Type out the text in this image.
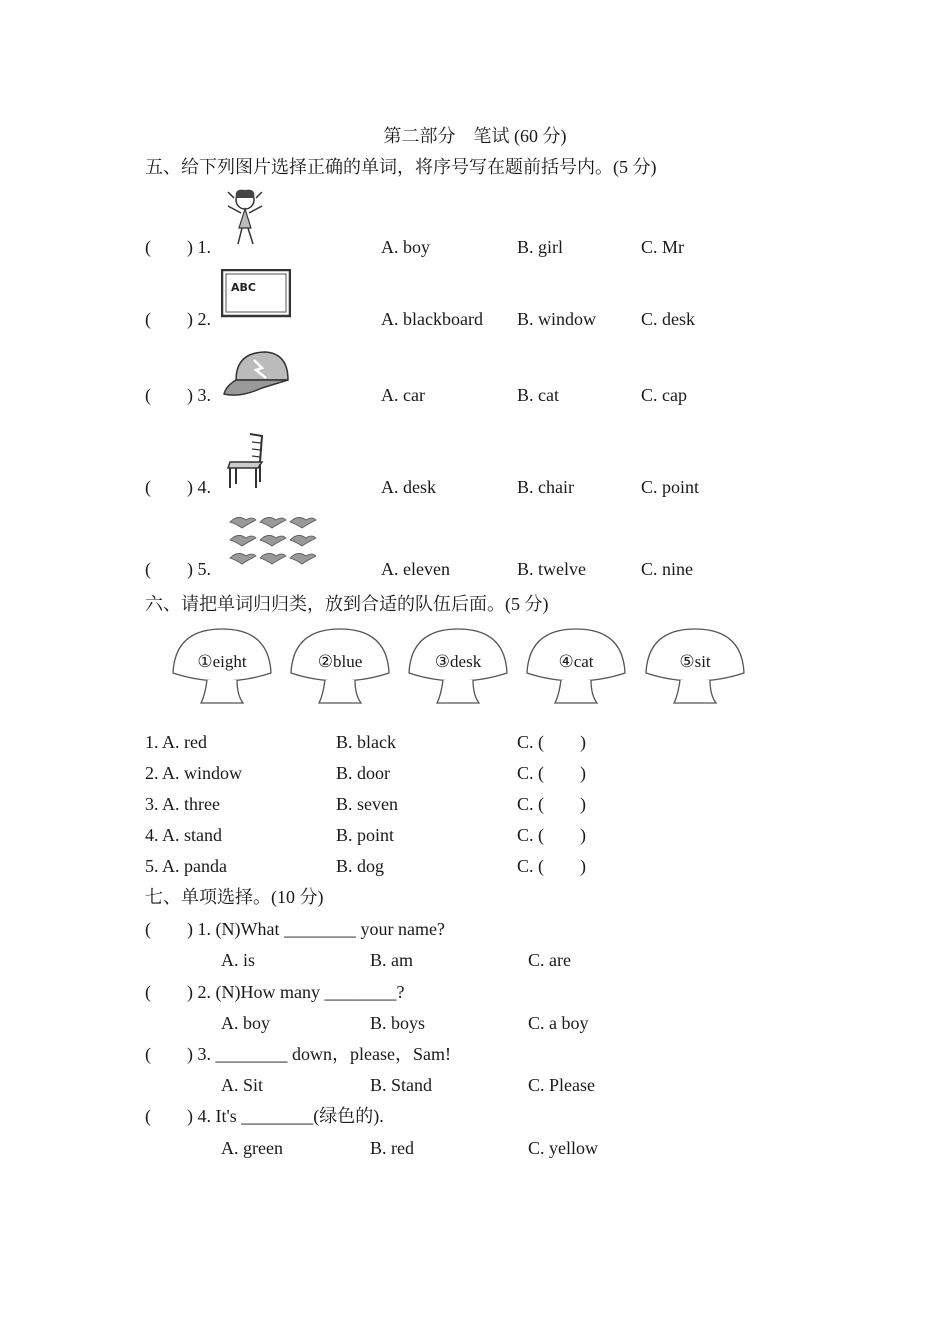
第二部分　笔试 (60 分)
五、给下列图片选择正确的单词，将序号写在题前括号内。(5 分)
(　　) 1.	A. boy	B. girl	C. Mr
ABC
(　　) 2.	A. blackboard B. window C. desk
(　　) 3.	A. car	B. cat	C. cap
(　　) 4.	A. desk	B. chair	C. point
(　　) 5.	A. eleven	B. twelve	C. nine
六、请把单词归归类，放到合适的队伍后面。(5 分)
①eight	②blue	③desk	④cat	⑤sit
1. A. red	B. black	C. (　　)
2. A. window	B. door	C. (　　)
3. A. three	B. seven	C. (　　)
4. A. stand	B. point	C. (　　)
5. A. panda	B. dog	C. (　　)
七、单项选择。(10 分)
(　　) 1. (N)What ________ your name?
A. is	B. am	C. are
(　　) 2. (N)How many ________?
A. boy	B. boys	C. a boy
(　　) 3. ________ down，please，Sam!
A. Sit	B. Stand	C. Please
(　　) 4. It's ________(绿色的).
A. green	B. red	C. yellow
